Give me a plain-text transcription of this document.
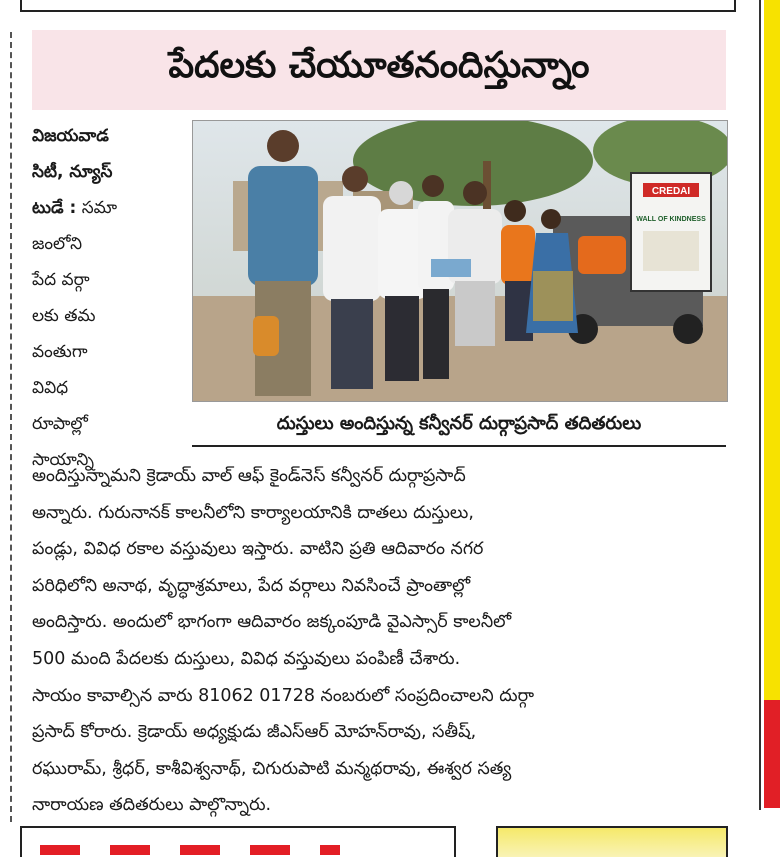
పేదలకు చేయూతనందిస్తున్నాం
విజయవాడ
సిటీ, న్యూస్
టుడే : సమా
జంలోని
పేద వర్గా
లకు తమ
వంతుగా
వివిధ
రూపాల్లో
సాయాన్ని
CREDAI
WALL OF KINDNESS
దుస్తులు అందిస్తున్న కన్వీనర్ దుర్గాప్రసాద్ తదితరులు
అందిస్తున్నామని క్రెడాయ్ వాల్ ఆఫ్ కైండ్‌నెస్ కన్వీనర్ దుర్గాప్రసాద్
అన్నారు. గురునానక్ కాలనీలోని కార్యాలయానికి దాతలు దుస్తులు,
పండ్లు, వివిధ రకాల వస్తువులు ఇస్తారు. వాటిని ప్రతి ఆదివారం నగర
పరిధిలోని అనాథ, వృద్ధాశ్రమాలు, పేద వర్గాలు నివసించే ప్రాంతాల్లో
అందిస్తారు. అందులో భాగంగా ఆదివారం జక్కంపూడి వైఎస్సార్ కాలనీలో
500 మంది పేదలకు దుస్తులు, వివిధ వస్తువులు పంపిణీ చేశారు.
సాయం కావాల్సిన వారు 81062 01728 నంబరులో సంప్రదించాలని దుర్గా
ప్రసాద్ కోరారు. క్రెడాయ్ అధ్యక్షుడు జీఎస్ఆర్ మోహన్‌రావు, సతీష్,
రఘురామ్, శ్రీధర్, కాశీవిశ్వనాథ్, చిగురుపాటి మన్మథరావు, ఈశ్వర సత్య
నారాయణ తదితరులు పాల్గొన్నారు.
